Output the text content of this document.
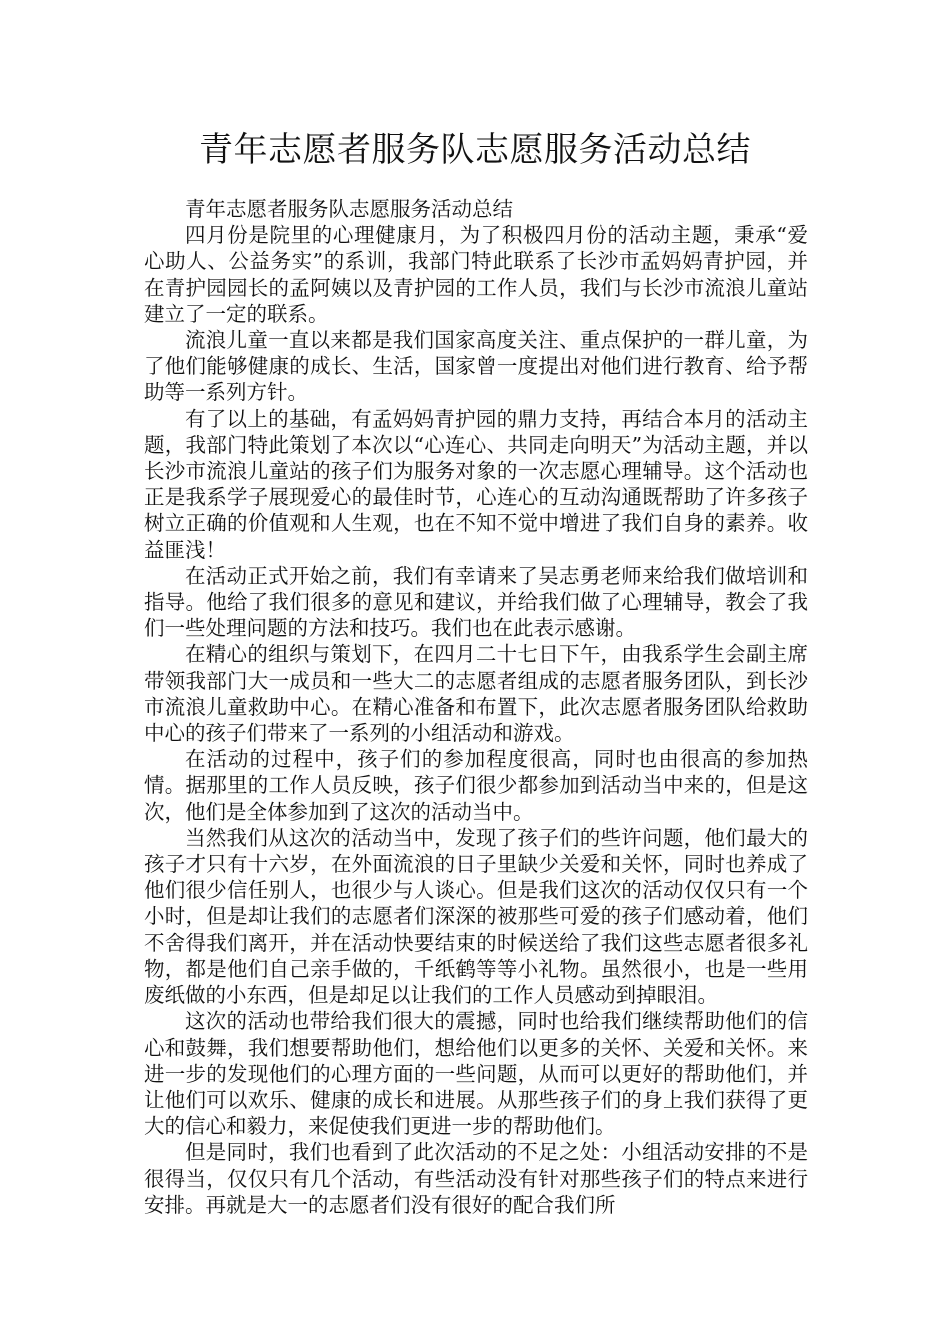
青年志愿者服务队志愿服务活动总结

青年志愿者服务队志愿服务活动总结

四月份是院里的心理健康月，为了积极四月份的活动主题，秉承“爱心助人、公益务实”的系训，我部门特此联系了长沙市孟妈妈青护园，并在青护园园长的孟阿姨以及青护园的工作人员，我们与长沙市流浪儿童站建立了一定的联系。

流浪儿童一直以来都是我们国家高度关注、重点保护的一群儿童，为了他们能够健康的成长、生活，国家曾一度提出对他们进行教育、给予帮助等一系列方针。

有了以上的基础，有孟妈妈青护园的鼎力支持，再结合本月的活动主题，我部门特此策划了本次以“心连心、共同走向明天”为活动主题，并以长沙市流浪儿童站的孩子们为服务对象的一次志愿心理辅导。这个活动也正是我系学子展现爱心的最佳时节，心连心的互动沟通既帮助了许多孩子树立正确的价值观和人生观，也在不知不觉中增进了我们自身的素养。收益匪浅！

在活动正式开始之前，我们有幸请来了吴志勇老师来给我们做培训和指导。他给了我们很多的意见和建议，并给我们做了心理辅导，教会了我们一些处理问题的方法和技巧。我们也在此表示感谢。

在精心的组织与策划下，在四月二十七日下午，由我系学生会副主席带领我部门大一成员和一些大二的志愿者组成的志愿者服务团队，到长沙市流浪儿童救助中心。在精心准备和布置下，此次志愿者服务团队给救助中心的孩子们带来了一系列的小组活动和游戏。

在活动的过程中，孩子们的参加程度很高，同时也由很高的参加热情。据那里的工作人员反映，孩子们很少都参加到活动当中来的，但是这次，他们是全体参加到了这次的活动当中。

当然我们从这次的活动当中，发现了孩子们的些许问题，他们最大的孩子才只有十六岁，在外面流浪的日子里缺少关爱和关怀，同时也养成了他们很少信任别人，也很少与人谈心。但是我们这次的活动仅仅只有一个小时，但是却让我们的志愿者们深深的被那些可爱的孩子们感动着，他们不舍得我们离开，并在活动快要结束的时候送给了我们这些志愿者很多礼物，都是他们自己亲手做的，千纸鹤等等小礼物。虽然很小，也是一些用废纸做的小东西，但是却足以让我们的工作人员感动到掉眼泪。

这次的活动也带给我们很大的震撼，同时也给我们继续帮助他们的信心和鼓舞，我们想要帮助他们，想给他们以更多的关怀、关爱和关怀。来进一步的发现他们的心理方面的一些问题，从而可以更好的帮助他们，并让他们可以欢乐、健康的成长和进展。从那些孩子们的身上我们获得了更大的信心和毅力，来促使我们更进一步的帮助他们。

但是同时，我们也看到了此次活动的不足之处：小组活动安排的不是很得当，仅仅只有几个活动，有些活动没有针对那些孩子们的特点来进行安排。再就是大一的志愿者们没有很好的配合我们所
